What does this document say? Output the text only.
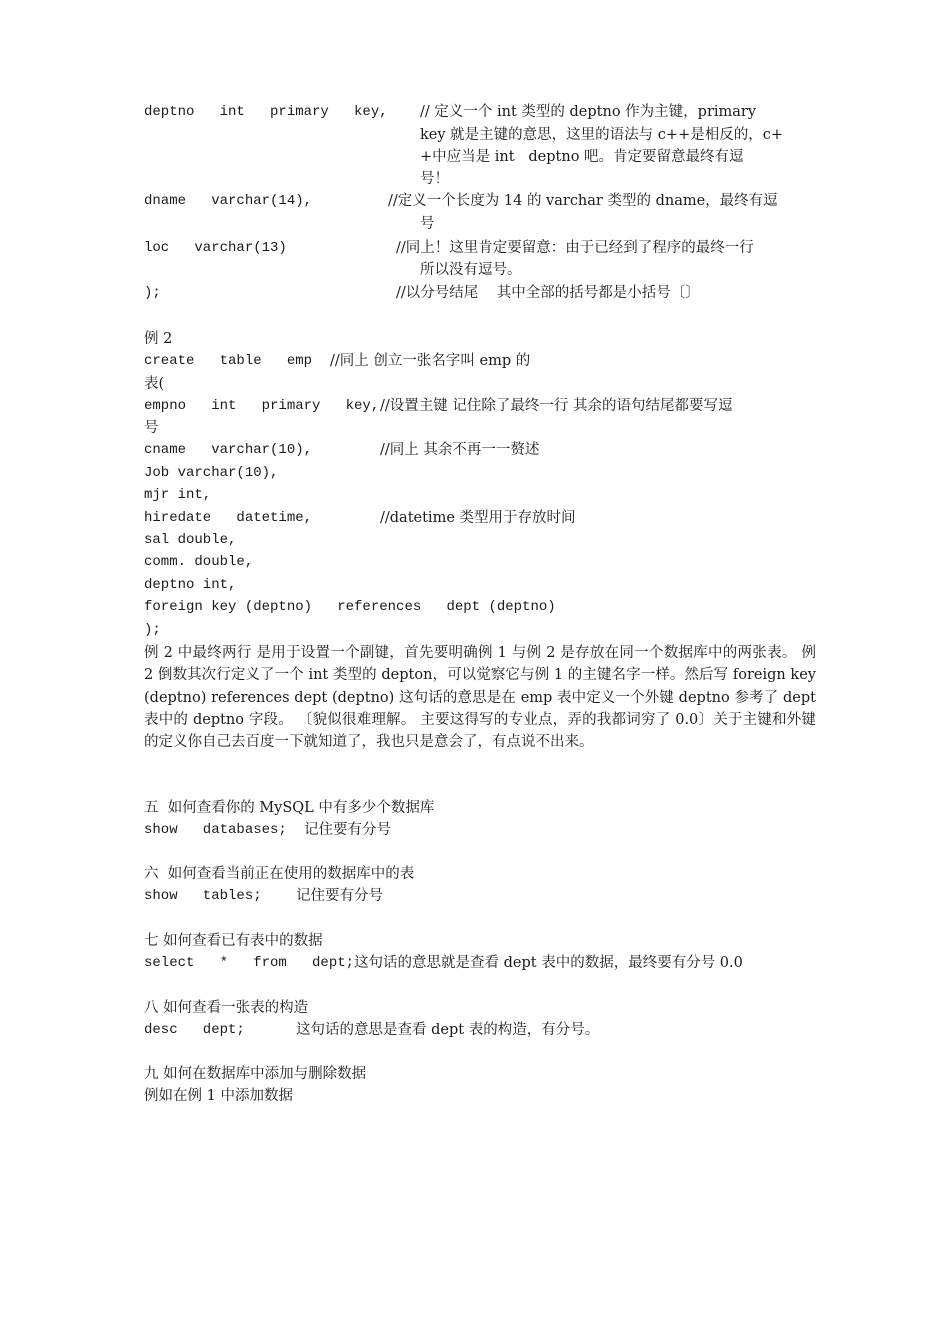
deptno   int   primary   key, // 定义一个 int 类型的 deptno 作为主键，primary
key 就是主键的意思，这里的语法与 c++是相反的，c+
+中应当是 int   deptno 吧。肯定要留意最终有逗
号！
dname   varchar(14),	//定义一个长度为 14 的 varchar 类型的 dname，最终有逗
号
loc   varchar(13)	//同上！这里肯定要留意：由于已经到了程序的最终一行
所以没有逗号。
);	//以分号结尾    其中全部的括号都是小括号〔〕
例 2
create   table   emp //同上 创立一张名字叫 emp 的
表(
empno   int   primary   key, //设置主键 记住除了最终一行 其余的语句结尾都要写逗
号
cname   varchar(10),	//同上 其余不再一一赘述
Job varchar(10),
mjr int,
hiredate   datetime,	//datetime 类型用于存放时间
sal double,
comm. double,
deptno int,
foreign key (deptno)   references   dept (deptno)
);
例 2 中最终两行 是用于设置一个副键，首先要明确例 1 与例 2 是存放在同一个数据库中的两张表。 例 2 倒数其次行定义了一个 int 类型的 depton，可以觉察它与例 1 的主键名字一样。然后写 foreign key (deptno) references dept (deptno) 这句话的意思是在 emp 表中定义一个外键 deptno 参考了 dept 表中的 deptno 字段。 〔貌似很难理解。 主要这得写的专业点，弄的我都词穷了 0.0〕关于主键和外键的定义你自己去百度一下就知道了，我也只是意会了，有点说不出来。
五  如何查看你的 MySQL 中有多少个数据库
show   databases; 记住要有分号
六  如何查看当前正在使用的数据库中的表
show   tables; 记住要有分号
七 如何查看已有表中的数据
select   *   from   dept; 这句话的意思就是查看 dept 表中的数据，最终要有分号 0.0
八 如何查看一张表的构造
desc   dept;	这句话的意思是查看 dept 表的构造，有分号。
九 如何在数据库中添加与删除数据
例如在例 1 中添加数据
